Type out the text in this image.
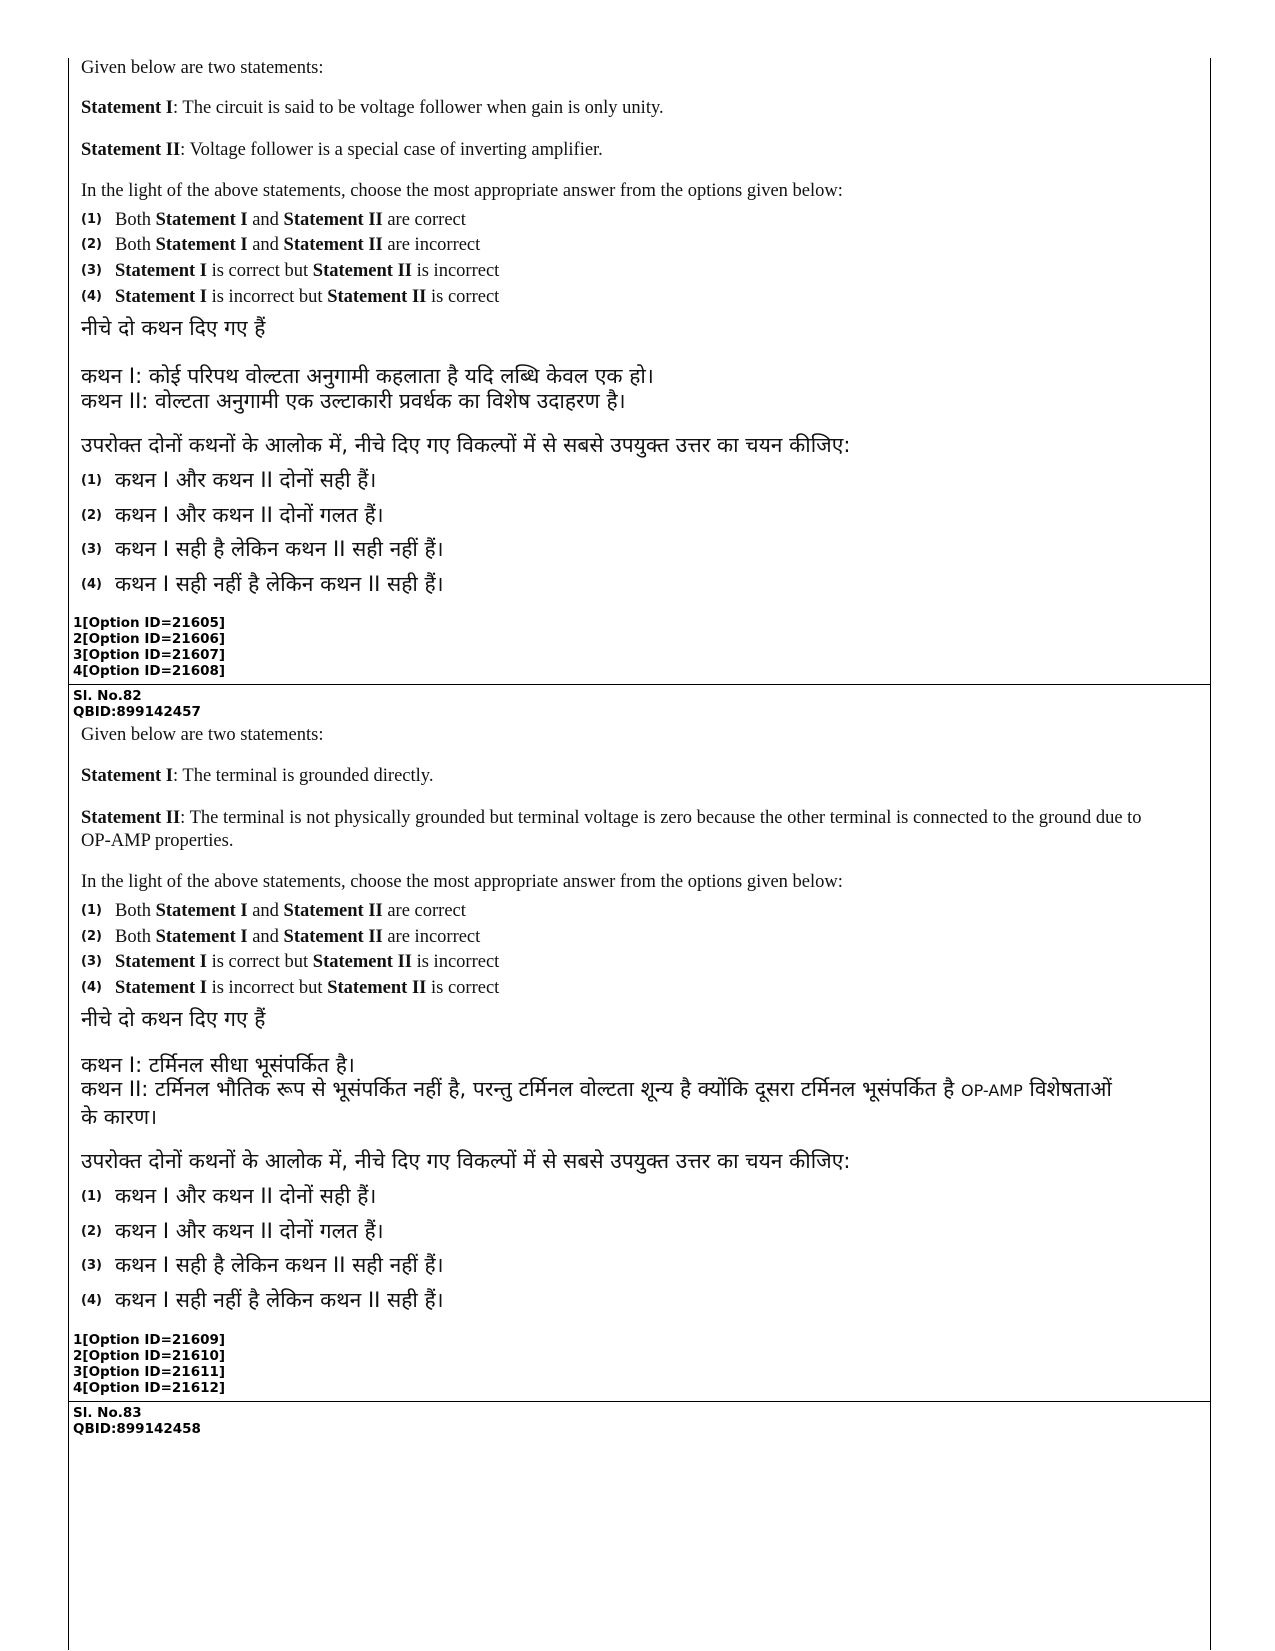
Given below are two statements:
Statement I: The circuit is said to be voltage follower when gain is only unity.
Statement II: Voltage follower is a special case of inverting amplifier.
In the light of the above statements, choose the most appropriate answer from the options given below:
(1) Both Statement I and Statement II are correct
(2) Both Statement I and Statement II are incorrect
(3) Statement I is correct but Statement II is incorrect
(4) Statement I is incorrect but Statement II is correct
नीचे दो कथन दिए गए हैं
कथन I: कोई परिपथ वोल्टता अनुगामी कहलाता है यदि लब्धि केवल एक हो।
कथन II: वोल्टता अनुगामी एक उल्टाकारी प्रवर्धक का विशेष उदाहरण है।
उपरोक्त दोनों कथनों के आलोक में, नीचे दिए गए विकल्पों में से सबसे उपयुक्त उत्तर का चयन कीजिए:
(1) कथन I और कथन II दोनों सही हैं।
(2) कथन I और कथन II दोनों गलत हैं।
(3) कथन I सही है लेकिन कथन II सही नहीं हैं।
(4) कथन I सही नहीं है लेकिन कथन II सही हैं।
1[Option ID=21605]
2[Option ID=21606]
3[Option ID=21607]
4[Option ID=21608]
Sl. No.82
QBID:899142457
Given below are two statements:
Statement I: The terminal is grounded directly.
Statement II: The terminal is not physically grounded but terminal voltage is zero because the other terminal is connected to the ground due to OP-AMP properties.
In the light of the above statements, choose the most appropriate answer from the options given below:
(1) Both Statement I and Statement II are correct
(2) Both Statement I and Statement II are incorrect
(3) Statement I is correct but Statement II is incorrect
(4) Statement I is incorrect but Statement II is correct
नीचे दो कथन दिए गए हैं
कथन I: टर्मिनल सीधा भूसंपर्कित है।
कथन II: टर्मिनल भौतिक रूप से भूसंपर्कित नहीं है, परन्तु टर्मिनल वोल्टता शून्य है क्योंकि दूसरा टर्मिनल भूसंपर्कित है OP-AMP विशेषताओं के कारण।
उपरोक्त दोनों कथनों के आलोक में, नीचे दिए गए विकल्पों में से सबसे उपयुक्त उत्तर का चयन कीजिए:
(1) कथन I और कथन II दोनों सही हैं।
(2) कथन I और कथन II दोनों गलत हैं।
(3) कथन I सही है लेकिन कथन II सही नहीं हैं।
(4) कथन I सही नहीं है लेकिन कथन II सही हैं।
1[Option ID=21609]
2[Option ID=21610]
3[Option ID=21611]
4[Option ID=21612]
Sl. No.83
QBID:899142458
